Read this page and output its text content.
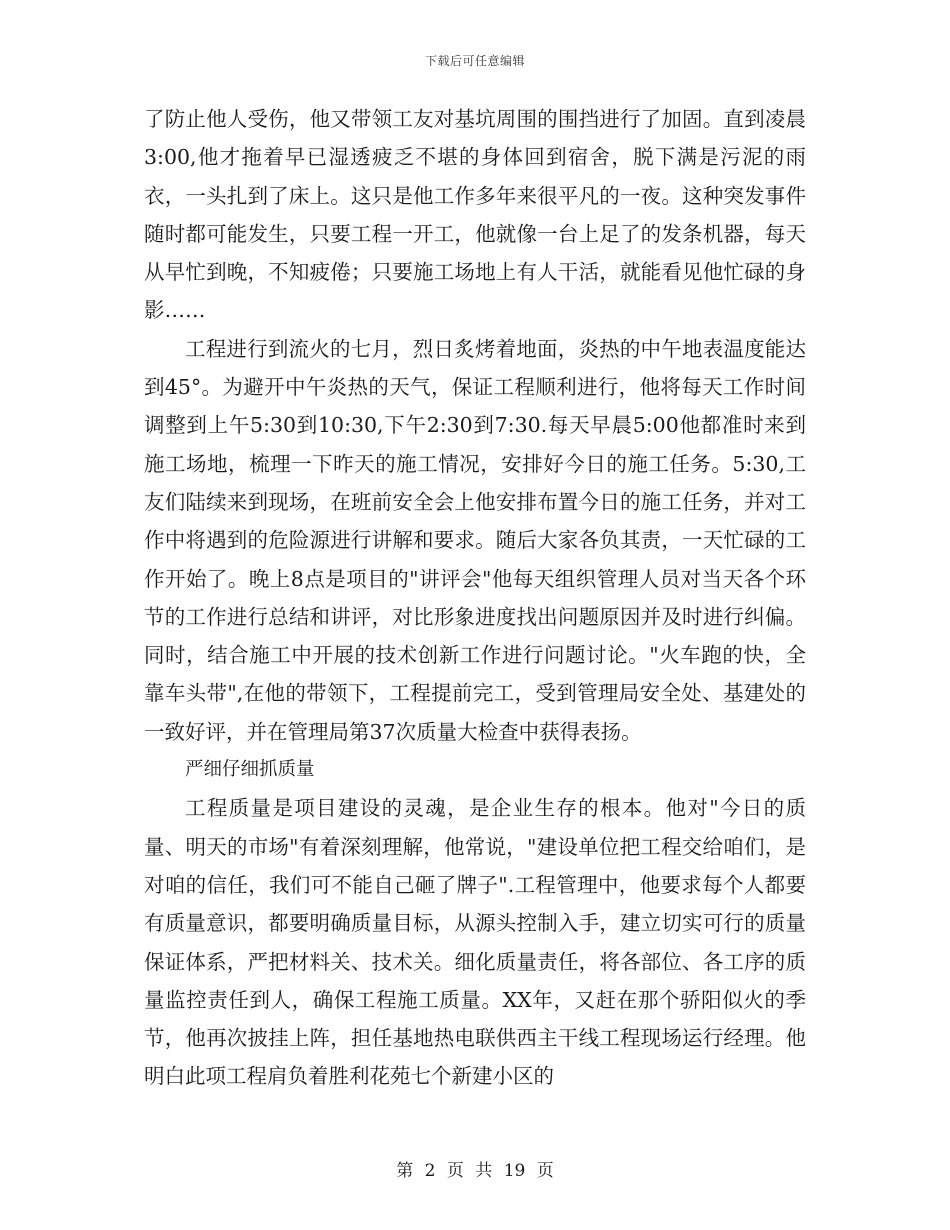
下载后可任意编辑

了防止他人受伤，他又带领工友对基坑周围的围挡进行了加固。直到凌晨3:00,他才拖着早已湿透疲乏不堪的身体回到宿舍，脱下满是污泥的雨衣，一头扎到了床上。这只是他工作多年来很平凡的一夜。这种突发事件随时都可能发生，只要工程一开工，他就像一台上足了的发条机器，每天从早忙到晚，不知疲倦；只要施工场地上有人干活，就能看见他忙碌的身影……

工程进行到流火的七月，烈日炙烤着地面，炎热的中午地表温度能达到45°。为避开中午炎热的天气，保证工程顺利进行，他将每天工作时间调整到上午5:30到10:30,下午2:30到7:30.每天早晨5:00他都准时来到施工场地，梳理一下昨天的施工情况，安排好今日的施工任务。5:30,工友们陆续来到现场，在班前安全会上他安排布置今日的施工任务，并对工作中将遇到的危险源进行讲解和要求。随后大家各负其责，一天忙碌的工作开始了。晚上8点是项目的"讲评会"他每天组织管理人员对当天各个环节的工作进行总结和讲评，对比形象进度找出问题原因并及时进行纠偏。同时，结合施工中开展的技术创新工作进行问题讨论。"火车跑的快，全靠车头带",在他的带领下，工程提前完工，受到管理局安全处、基建处的一致好评，并在管理局第37次质量大检查中获得表扬。

严细仔细抓质量

工程质量是项目建设的灵魂，是企业生存的根本。他对"今日的质量、明天的市场"有着深刻理解，他常说，"建设单位把工程交给咱们，是对咱的信任，我们可不能自己砸了牌子".工程管理中，他要求每个人都要有质量意识，都要明确质量目标，从源头控制入手，建立切实可行的质量保证体系，严把材料关、技术关。细化质量责任，将各部位、各工序的质量监控责任到人，确保工程施工质量。XX年，又赶在那个骄阳似火的季节，他再次披挂上阵，担任基地热电联供西主干线工程现场运行经理。他明白此项工程肩负着胜利花苑七个新建小区的

第 2 页 共 19 页
